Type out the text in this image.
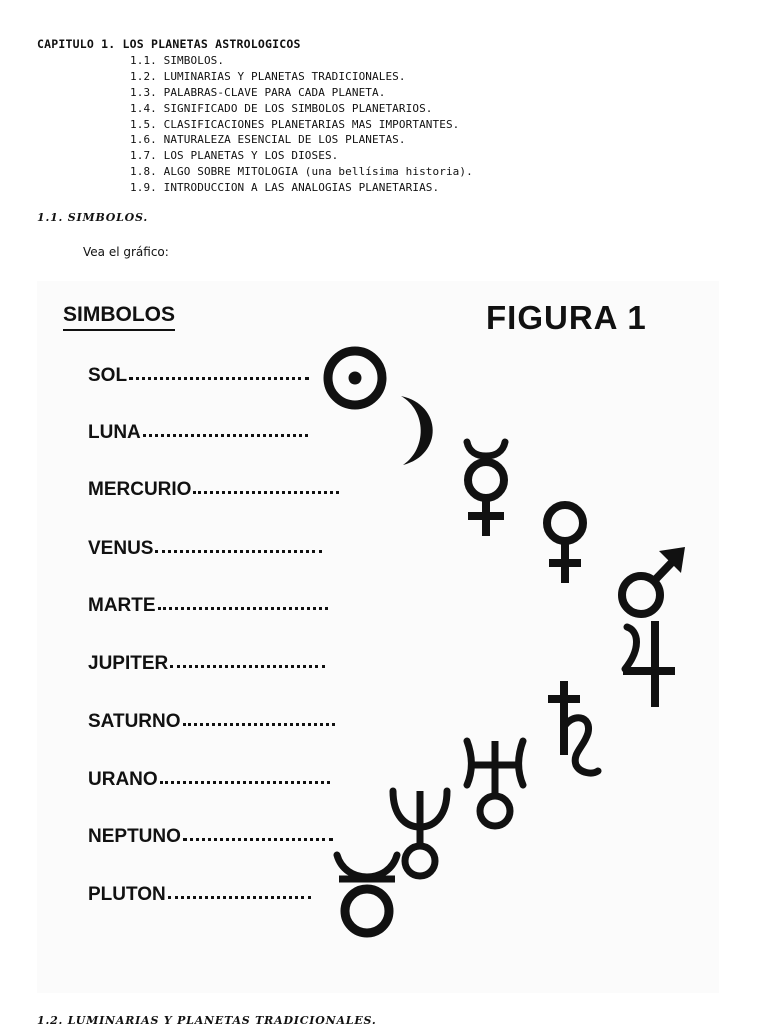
CAPITULO 1. LOS PLANETAS ASTROLOGICOS
1.1. SIMBOLOS.
1.2. LUMINARIAS Y PLANETAS TRADICIONALES.
1.3. PALABRAS-CLAVE PARA CADA PLANETA.
1.4. SIGNIFICADO DE LOS SIMBOLOS PLANETARIOS.
1.5. CLASIFICACIONES PLANETARIAS MAS IMPORTANTES.
1.6. NATURALEZA ESENCIAL DE LOS PLANETAS.
1.7. LOS PLANETAS Y LOS DIOSES.
1.8. ALGO SOBRE MITOLOGIA (una bellísima historia).
1.9. INTRODUCCION A LAS ANALOGIAS PLANETARIAS.
1.1. SIMBOLOS.
Vea el gráfico:
SIMBOLOS	FIGURA 1
SOL
LUNA
MERCURIO
VENUS
MARTE
JUPITER
SATURNO
URANO
NEPTUNO
PLUTON
1.2. LUMINARIAS Y PLANETAS TRADICIONALES.
